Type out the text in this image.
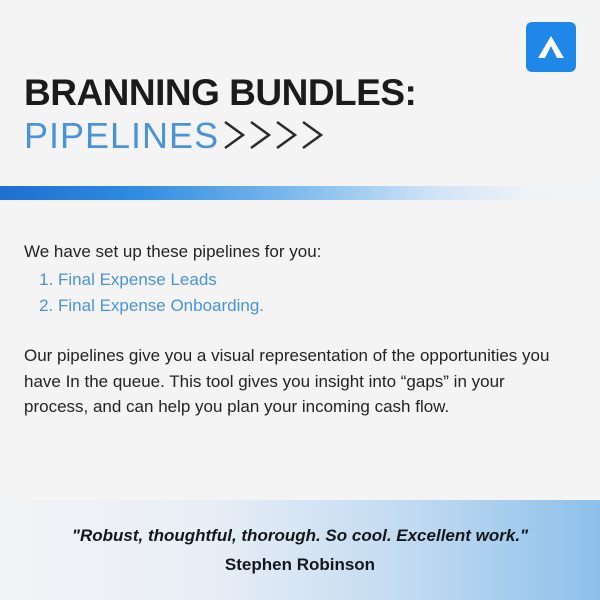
BRANNING BUNDLES:
PIPELINES
We have set up these pipelines for you:
1. Final Expense Leads
2. Final Expense Onboarding.
Our pipelines give you a visual representation of the opportunities you have In the queue. This tool gives you insight into “gaps” in your process, and can help you plan your incoming cash flow.
"Robust, thoughtful, thorough. So cool. Excellent work."
Stephen Robinson
